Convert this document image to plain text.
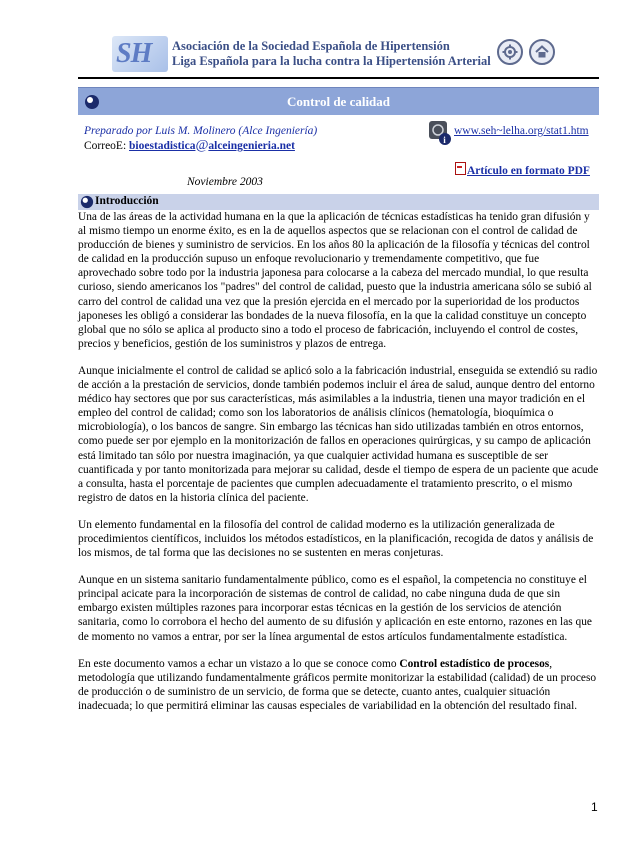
SH Asociación de la Sociedad Española de Hipertensión
Liga Española para la lucha contra la Hipertensión Arterial
Control de calidad
Preparado por Luis M. Molinero (Alce Ingeniería)
CorreoE: bioestadistica@alceingenieria.net	i
www.seh~lelha.org/stat1.htm
Artículo en formato PDF
Noviembre 2003
Introducción

Una de las áreas de la actividad humana en la que la aplicación de técnicas estadísticas ha tenido gran difusión y al mismo tiempo un enorme éxito, es en la de aquellos aspectos que se relacionan con el control de calidad de producción de bienes y suministro de servicios. En los años 80 la aplicación de la filosofía y técnicas del control de calidad en la producción supuso un enfoque revolucionario y tremendamente competitivo, que fue aprovechado sobre todo por la industria japonesa para colocarse a la cabeza del mercado mundial, lo que resulta curioso, siendo americanos los "padres" del control de calidad, puesto que la industria americana sólo se subió al carro del control de calidad una vez que la presión ejercida en el mercado por la superioridad de los productos japoneses les obligó a considerar las bondades de la nueva filosofía, en la que la calidad constituye un concepto global que no sólo se aplica al producto sino a todo el proceso de fabricación, incluyendo el control de costes, precios y beneficios, gestión de los suministros y plazos de entrega.

Aunque inicialmente el control de calidad se aplicó solo a la fabricación industrial, enseguida se extendió su radio de acción a la prestación de servicios, donde también podemos incluir el área de salud, aunque dentro del entorno médico hay sectores que por sus características, más asimilables a la industria, tienen una mayor tradición en el empleo del control de calidad; como son los laboratorios de análisis clínicos (hematología, bioquímica o microbiología), o los bancos de sangre. Sin embargo las técnicas han sido utilizadas también en otros entornos, como puede ser por ejemplo en la monitorización de fallos en operaciones quirúrgicas, y su campo de aplicación está limitado tan sólo por nuestra imaginación, ya que cualquier actividad humana es susceptible de ser cuantificada y por tanto monitorizada para mejorar su calidad, desde el tiempo de espera de un paciente que acude a consulta, hasta el porcentaje de pacientes que cumplen adecuadamente el tratamiento prescrito, o el mismo registro de datos en la historia clínica del paciente.

Un elemento fundamental en la filosofía del control de calidad moderno es la utilización generalizada de procedimientos científicos, incluidos los métodos estadísticos, en la planificación, recogida de datos y análisis de los mismos, de tal forma que las decisiones no se sustenten en meras conjeturas.

Aunque en un sistema sanitario fundamentalmente público, como es el español, la competencia no constituye el principal acicate para la incorporación de sistemas de control de calidad, no cabe ninguna duda de que sin embargo existen múltiples razones para incorporar estas técnicas en la gestión de los servicios de atención sanitaria, como lo corrobora el hecho del aumento de su difusión y aplicación en este entorno, razones en las que de momento no vamos a entrar, por ser la línea argumental de estos artículos fundamentalmente estadística.

En este documento vamos a echar un vistazo a lo que se conoce como Control estadístico de procesos, metodología que utilizando fundamentalmente gráficos permite monitorizar la estabilidad (calidad) de un proceso de producción o de suministro de un servicio, de forma que se detecte, cuanto antes, cualquier situación inadecuada; lo que permitirá eliminar las causas especiales de variabilidad en la obtención del resultado final.

1
